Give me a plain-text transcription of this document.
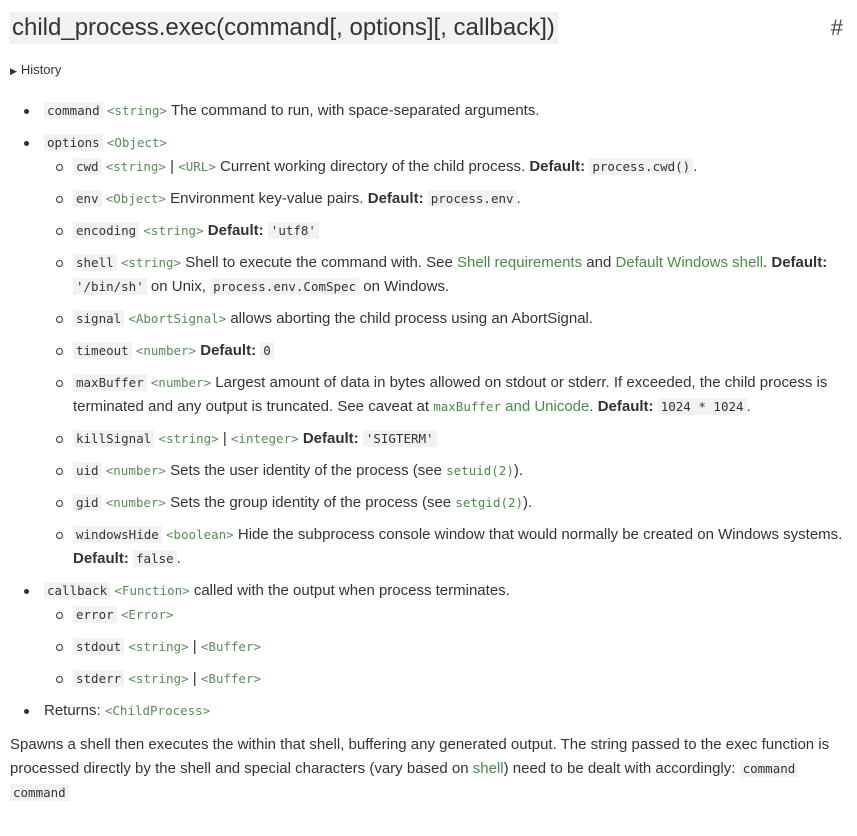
child_process.exec(command[, options][, callback])	#
▶ History
command <string> The command to run, with space-separated arguments.
options <Object>
cwd <string> | <URL> Current working directory of the child process. Default: process.cwd() .
env <Object> Environment key-value pairs. Default: process.env .
encoding <string> Default: 'utf8'
shell <string> Shell to execute the command with. See Shell requirements and Default Windows shell. Default: '/bin/sh' on Unix, process.env.ComSpec on Windows.
signal <AbortSignal> allows aborting the child process using an AbortSignal.
timeout <number> Default: 0
maxBuffer <number> Largest amount of data in bytes allowed on stdout or stderr. If exceeded, the child process is terminated and any output is truncated. See caveat at maxBuffer and Unicode. Default: 1024 * 1024 .
killSignal <string> | <integer> Default: 'SIGTERM'
uid <number> Sets the user identity of the process (see setuid(2)).
gid <number> Sets the group identity of the process (see setgid(2)).
windowsHide <boolean> Hide the subprocess console window that would normally be created on Windows systems. Default: false .
callback <Function> called with the output when process terminates.
error <Error>
stdout <string> | <Buffer>
stderr <string> | <Buffer>
Returns: <ChildProcess>
Spawns a shell then executes the within that shell, buffering any generated output. The string passed to the exec function is processed directly by the shell and special characters (vary based on shell) need to be dealt with accordingly: command command
